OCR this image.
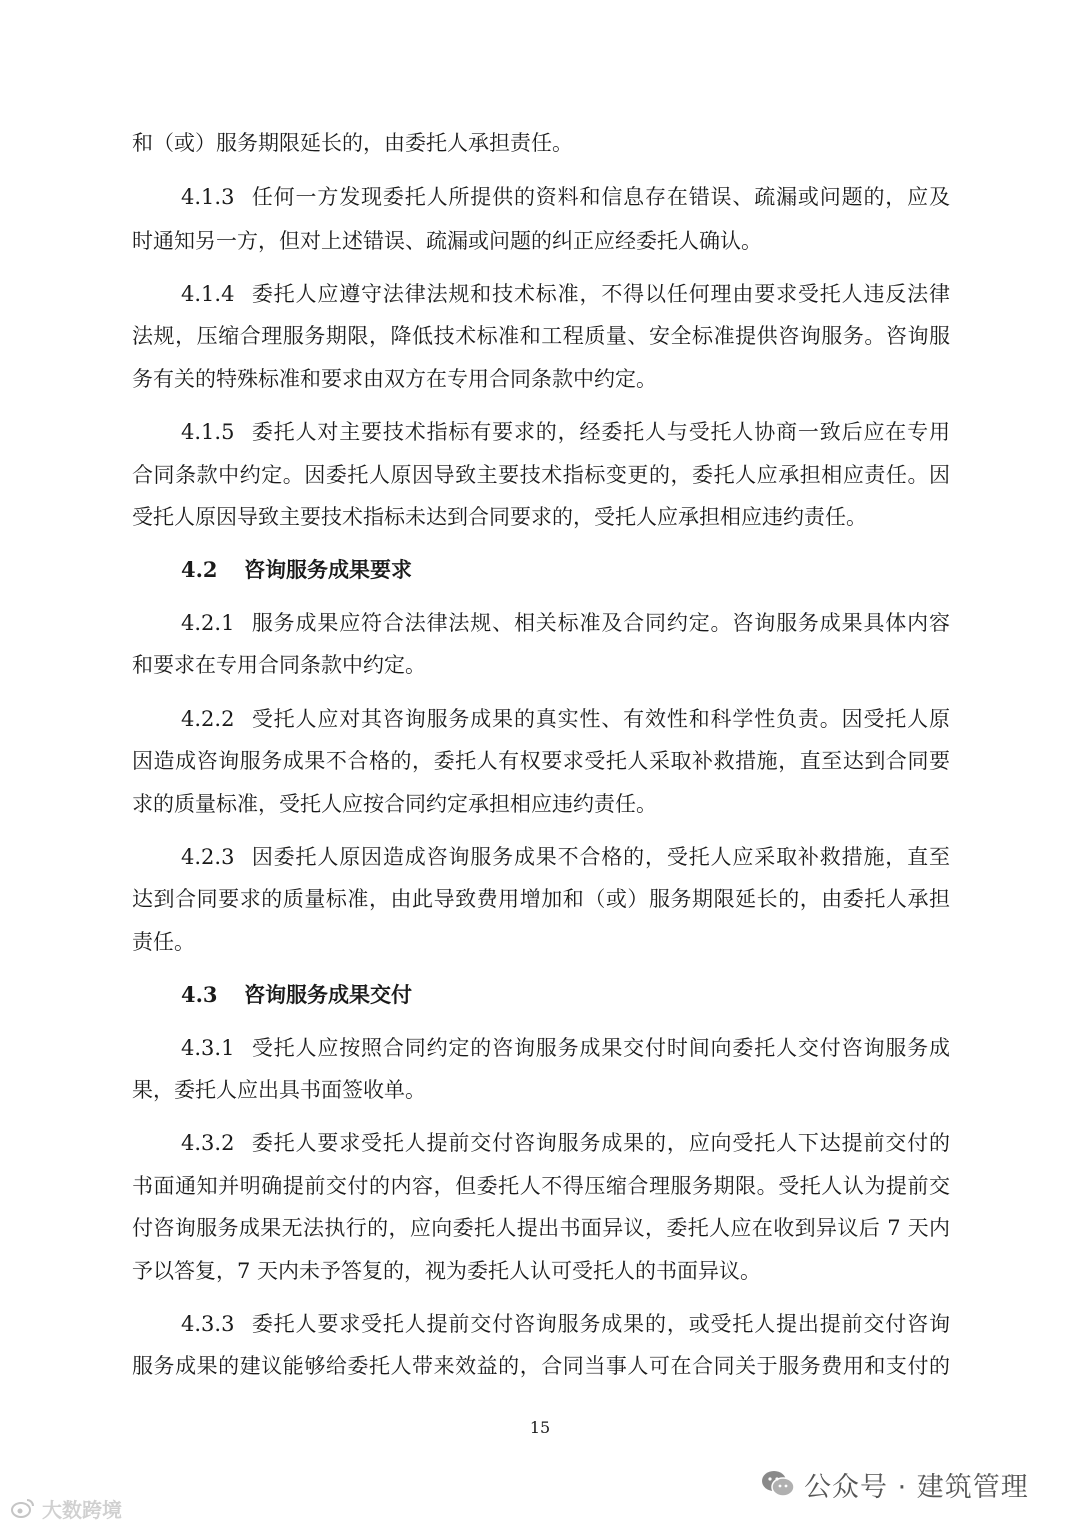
和（或）服务期限延长的，由委托人承担责任。
4.1.3 任何一方发现委托人所提供的资料和信息存在错误、疏漏或问题的，应及
时通知另一方，但对上述错误、疏漏或问题的纠正应经委托人确认。
4.1.4 委托人应遵守法律法规和技术标准，不得以任何理由要求受托人违反法律
法规，压缩合理服务期限，降低技术标准和工程质量、安全标准提供咨询服务。咨询服
务有关的特殊标准和要求由双方在专用合同条款中约定。
4.1.5 委托人对主要技术指标有要求的，经委托人与受托人协商一致后应在专用
合同条款中约定。因委托人原因导致主要技术指标变更的，委托人应承担相应责任。因
受托人原因导致主要技术指标未达到合同要求的，受托人应承担相应违约责任。
4.2 咨询服务成果要求
4.2.1 服务成果应符合法律法规、相关标准及合同约定。咨询服务成果具体内容
和要求在专用合同条款中约定。
4.2.2 受托人应对其咨询服务成果的真实性、有效性和科学性负责。因受托人原
因造成咨询服务成果不合格的，委托人有权要求受托人采取补救措施，直至达到合同要
求的质量标准，受托人应按合同约定承担相应违约责任。
4.2.3 因委托人原因造成咨询服务成果不合格的，受托人应采取补救措施，直至
达到合同要求的质量标准，由此导致费用增加和（或）服务期限延长的，由委托人承担
责任。
4.3 咨询服务成果交付
4.3.1 受托人应按照合同约定的咨询服务成果交付时间向委托人交付咨询服务成
果，委托人应出具书面签收单。
4.3.2 委托人要求受托人提前交付咨询服务成果的，应向受托人下达提前交付的
书面通知并明确提前交付的内容，但委托人不得压缩合理服务期限。受托人认为提前交
付咨询服务成果无法执行的，应向委托人提出书面异议，委托人应在收到异议后 7 天内
予以答复，7 天内未予答复的，视为委托人认可受托人的书面异议。
4.3.3 委托人要求受托人提前交付咨询服务成果的，或受托人提出提前交付咨询
服务成果的建议能够给委托人带来效益的，合同当事人可在合同关于服务费用和支付的
15
公众号 · 建筑管理
大数跨境
